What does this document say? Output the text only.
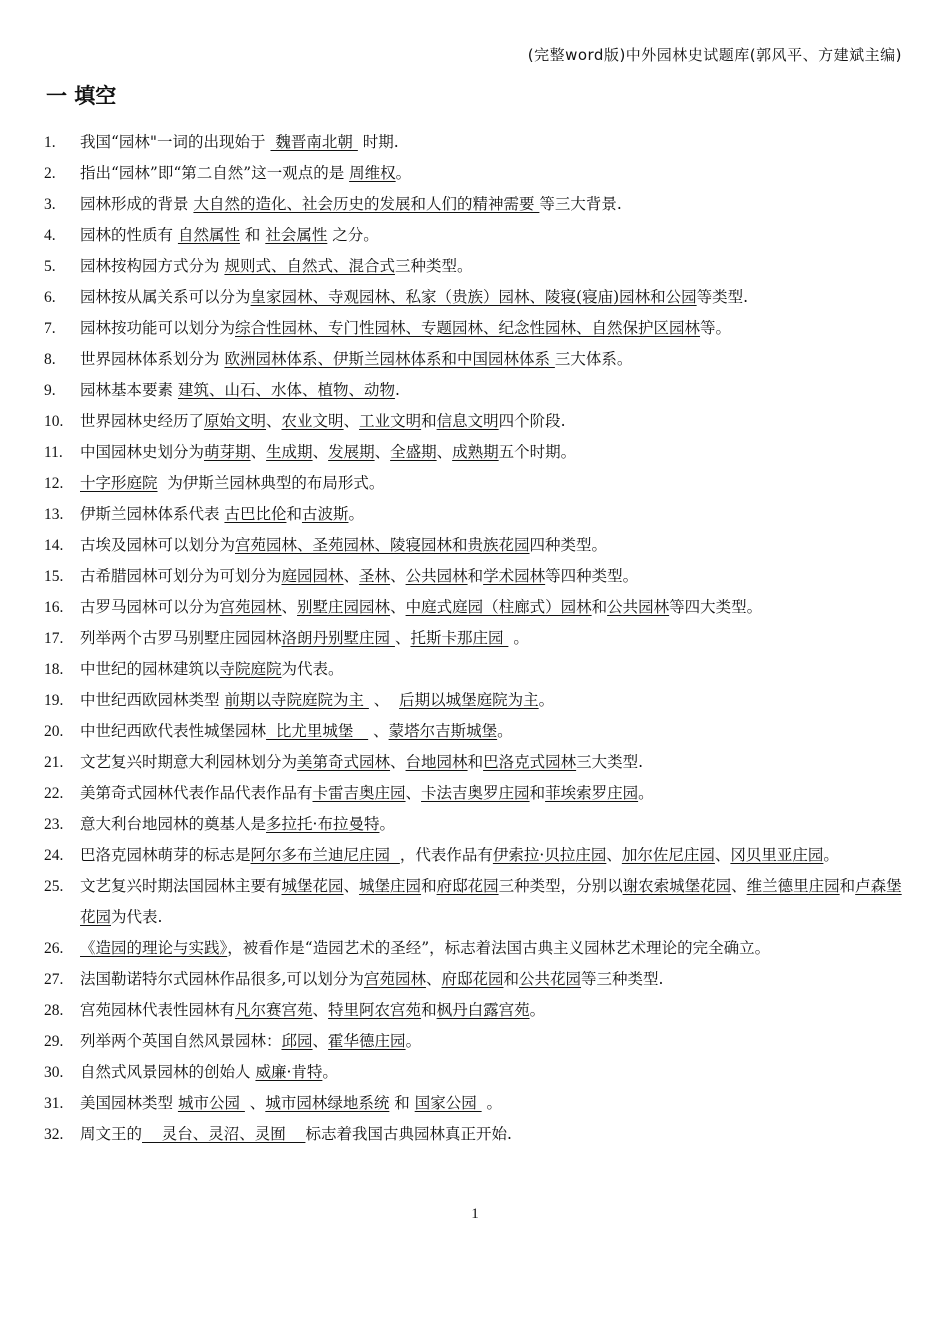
(完整word版)中外园林史试题库(郭风平、方建斌主编)
一 填空
1.	我国“园林"一词的出现始于  魏晋南北朝  时期.
2.	指出“园林”即“第二自然”这一观点的是 周维权。
3.	园林形成的背景 大自然的造化、社会历史的发展和人们的精神需要 等三大背景.
4.	园林的性质有 自然属性 和 社会属性 之分。
5.	园林按构园方式分为 规则式、自然式、混合式三种类型。
6.	园林按从属关系可以分为皇家园林、寺观园林、私家（贵族）园林、陵寝(寝庙)园林和公园等类型.
7.	园林按功能可以划分为综合性园林、专门性园林、专题园林、纪念性园林、自然保护区园林等。
8.	世界园林体系划分为 欧洲园林体系、伊斯兰园林体系和中国园林体系 三大体系。
9.	园林基本要素 建筑、山石、水体、植物、动物.
10.	世界园林史经历了原始文明、农业文明、工业文明和信息文明四个阶段.
11.	中国园林史划分为萌芽期、生成期、发展期、全盛期、成熟期五个时期。
12.	十字形庭院  为伊斯兰园林典型的布局形式。
13.	伊斯兰园林体系代表 古巴比伦和古波斯。
14.	古埃及园林可以划分为宫苑园林、圣苑园林、陵寝园林和贵族花园四种类型。
15.	古希腊园林可划分为可划分为庭园园林、圣林、公共园林和学术园林等四种类型。
16.	古罗马园林可以分为宫苑园林、别墅庄园园林、中庭式庭园（柱廊式）园林和公共园林等四大类型。
17.	列举两个古罗马别墅庄园园林洛朗丹别墅庄园 、托斯卡那庄园  。
18.	中世纪的园林建筑以寺院庭院为代表。
19.	中世纪西欧园林类型 前期以寺院庭院为主  、  后期以城堡庭院为主。
20.	中世纪西欧代表性城堡园林  比尤里城堡    、蒙塔尔吉斯城堡。
21.	文艺复兴时期意大利园林划分为美第奇式园林、台地园林和巴洛克式园林三大类型.
22.	美第奇式园林代表作品代表作品有卡雷吉奥庄园、卡法吉奥罗庄园和菲埃索罗庄园。
23.	意大利台地园林的奠基人是多拉托·布拉曼特。
24.	巴洛克园林萌芽的标志是阿尔多布兰迪尼庄园  ，代表作品有伊索拉·贝拉庄园、加尔佐尼庄园、冈贝里亚庄园。
25.	文艺复兴时期法国园林主要有城堡花园、城堡庄园和府邸花园三种类型，分别以谢农索城堡花园、维兰德里庄园和卢森堡花园为代表.
26.	《造园的理论与实践》，被看作是“造园艺术的圣经”，标志着法国古典主义园林艺术理论的完全确立。
27.	法国勒诺特尔式园林作品很多,可以划分为宫苑园林、府邸花园和公共花园等三种类型.
28.	宫苑园林代表性园林有凡尔赛宫苑、特里阿农宫苑和枫丹白露宫苑。
29.	列举两个英国自然风景园林：邱园、霍华德庄园。
30.	自然式风景园林的创始人 威廉·肯特。
31.	美国园林类型 城市公园  、城市园林绿地系统 和 国家公园  。
32.	周文王的    灵台、灵沼、灵囿    标志着我国古典园林真正开始.
1
